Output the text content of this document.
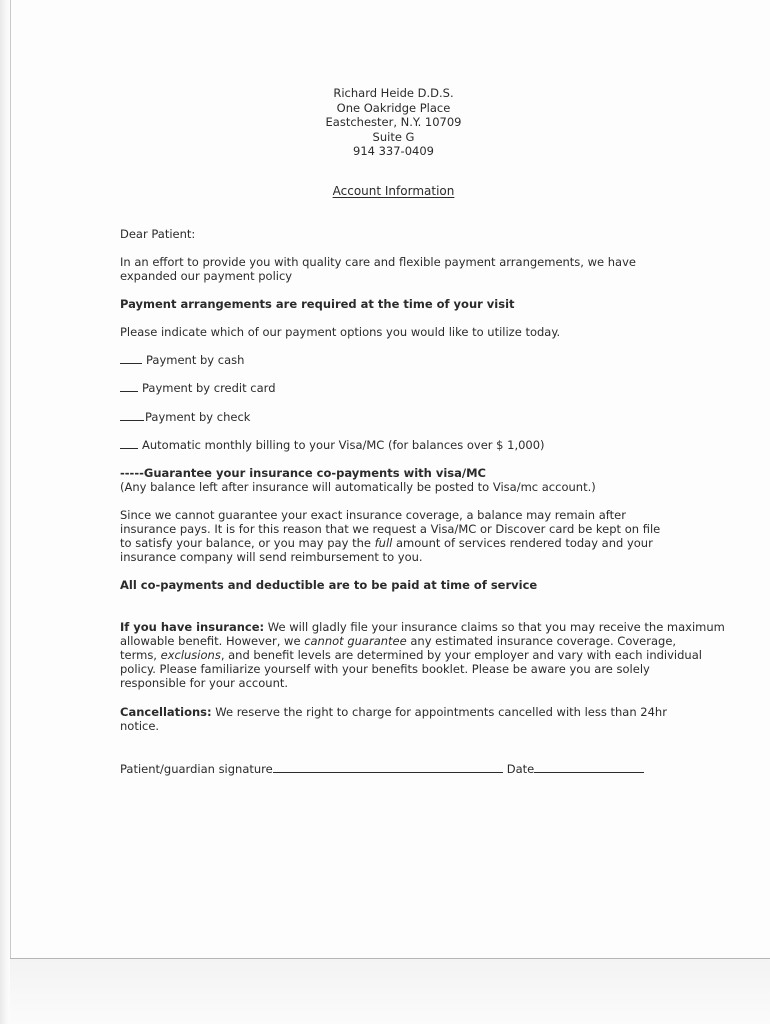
Richard Heide D.D.S.
One Oakridge Place
Eastchester, N.Y. 10709
Suite G
914 337-0409
Account Information
Dear Patient:
In an effort to provide you with quality care and flexible payment arrangements, we have
expanded our payment policy
Payment arrangements are required at the time of your visit
Please indicate which of our payment options you would like to utilize today.
Payment by cash
Payment by credit card
Payment by check
Automatic monthly billing to your Visa/MC (for balances over $ 1,000)
-----Guarantee your insurance co-payments with visa/MC
(Any balance left after insurance will automatically be posted to Visa/mc account.)
Since we cannot guarantee your exact insurance coverage, a balance may remain after
insurance pays. It is for this reason that we request a Visa/MC or Discover card be kept on file
to satisfy your balance, or you may pay the full amount of services rendered today and your
insurance company will send reimbursement to you.
All co-payments and deductible are to be paid at time of service
If you have insurance: We will gladly file your insurance claims so that you may receive the maximum
allowable benefit. However, we cannot guarantee any estimated insurance coverage. Coverage,
terms, exclusions, and benefit levels are determined by your employer and vary with each individual
policy. Please familiarize yourself with your benefits booklet. Please be aware you are solely
responsible for your account.
Cancellations: We reserve the right to charge for appointments cancelled with less than 24hr
notice.
Patient/guardian signature	Date
